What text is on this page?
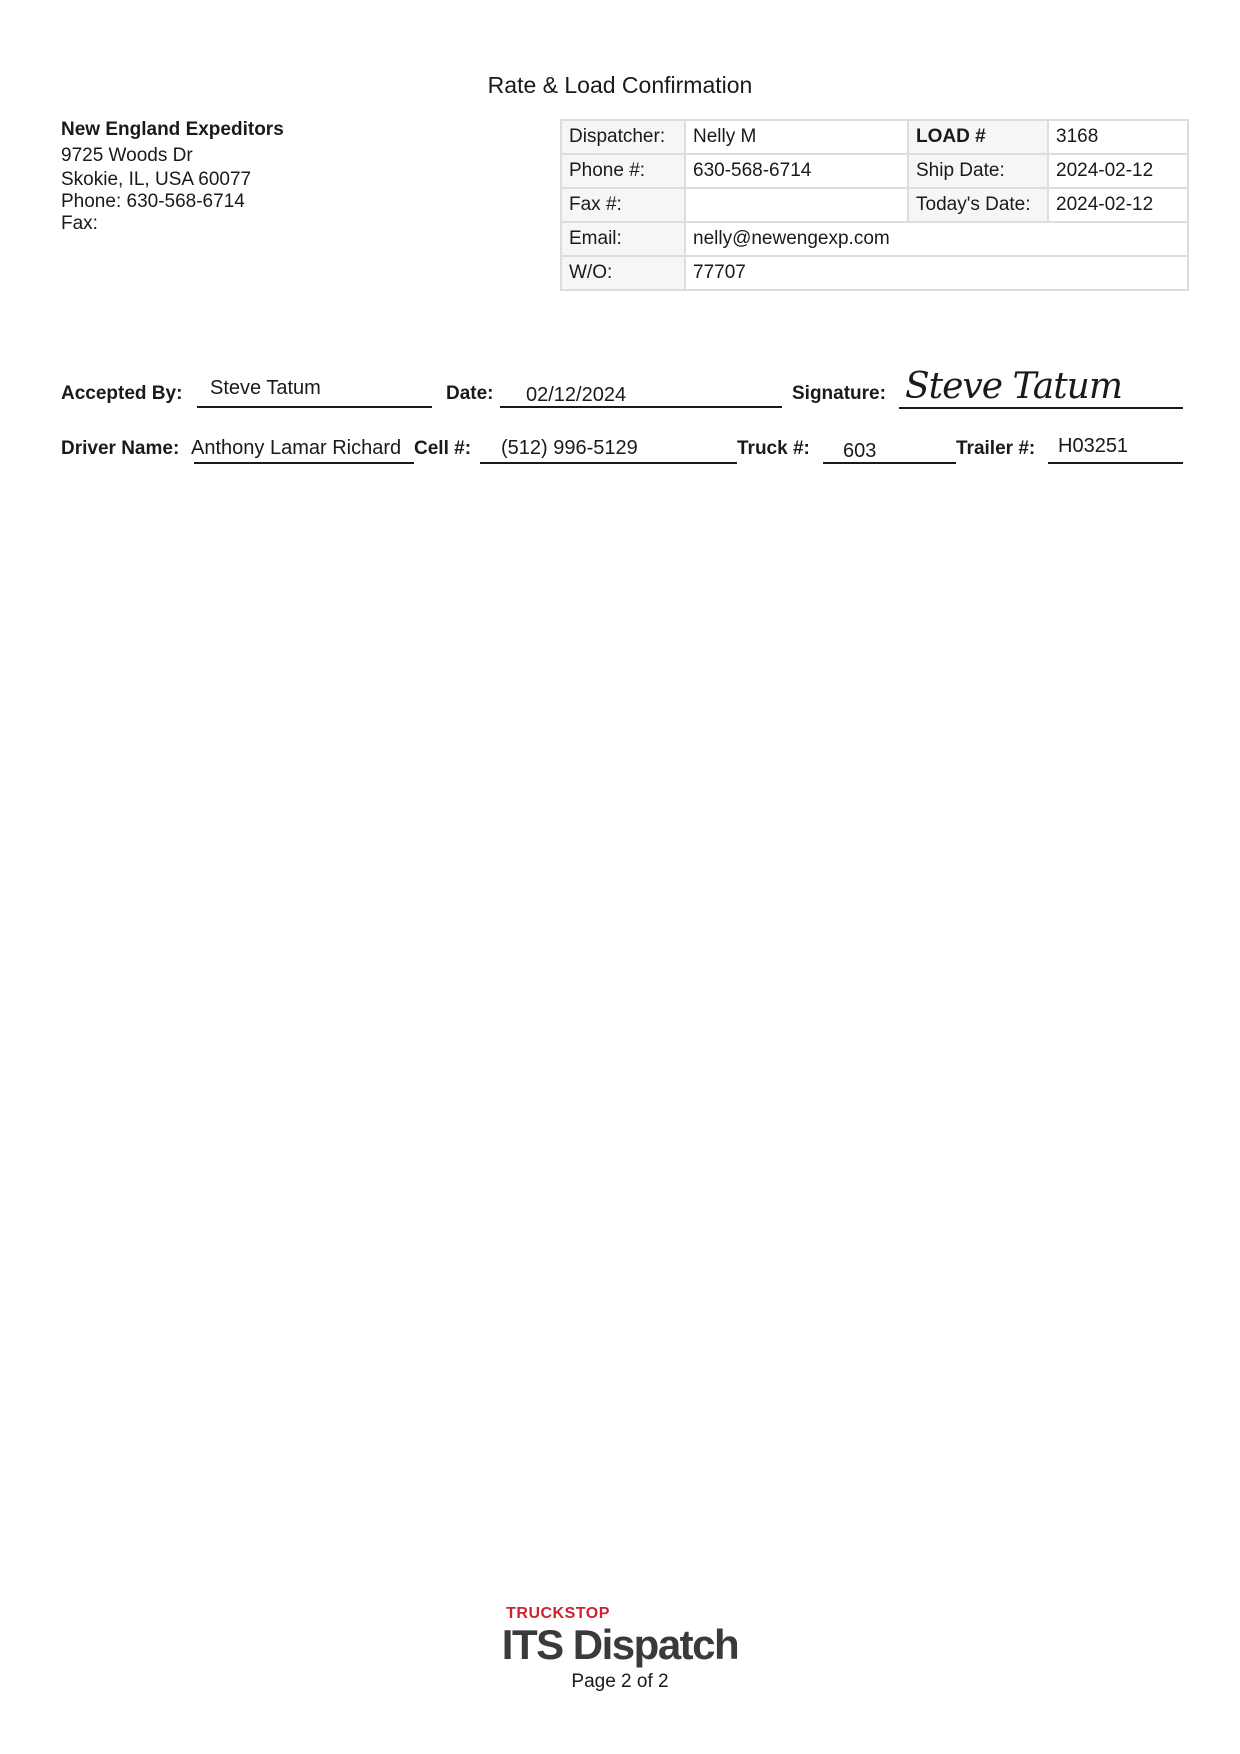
Rate & Load Confirmation
New England Expeditors
9725 Woods Dr
Skokie, IL, USA 60077
Phone: 630-568-6714
Fax:
Dispatcher:	Nelly M	LOAD #	3168
Phone #:	630-568-6714	Ship Date:	2024-02-12
Fax #:		Today's Date:	2024-02-12
Email:	nelly@newengexp.com		
W/O:	77707		
Accepted By: Steve Tatum	Date: 02/12/2024	Signature: Steve Tatum
Driver Name: Anthony Lamar Richard Cell #: (512) 996-5129	Truck #: 603	Trailer #: H03251
TRUCKSTOP
ITS Dispatch
Page 2 of 2
